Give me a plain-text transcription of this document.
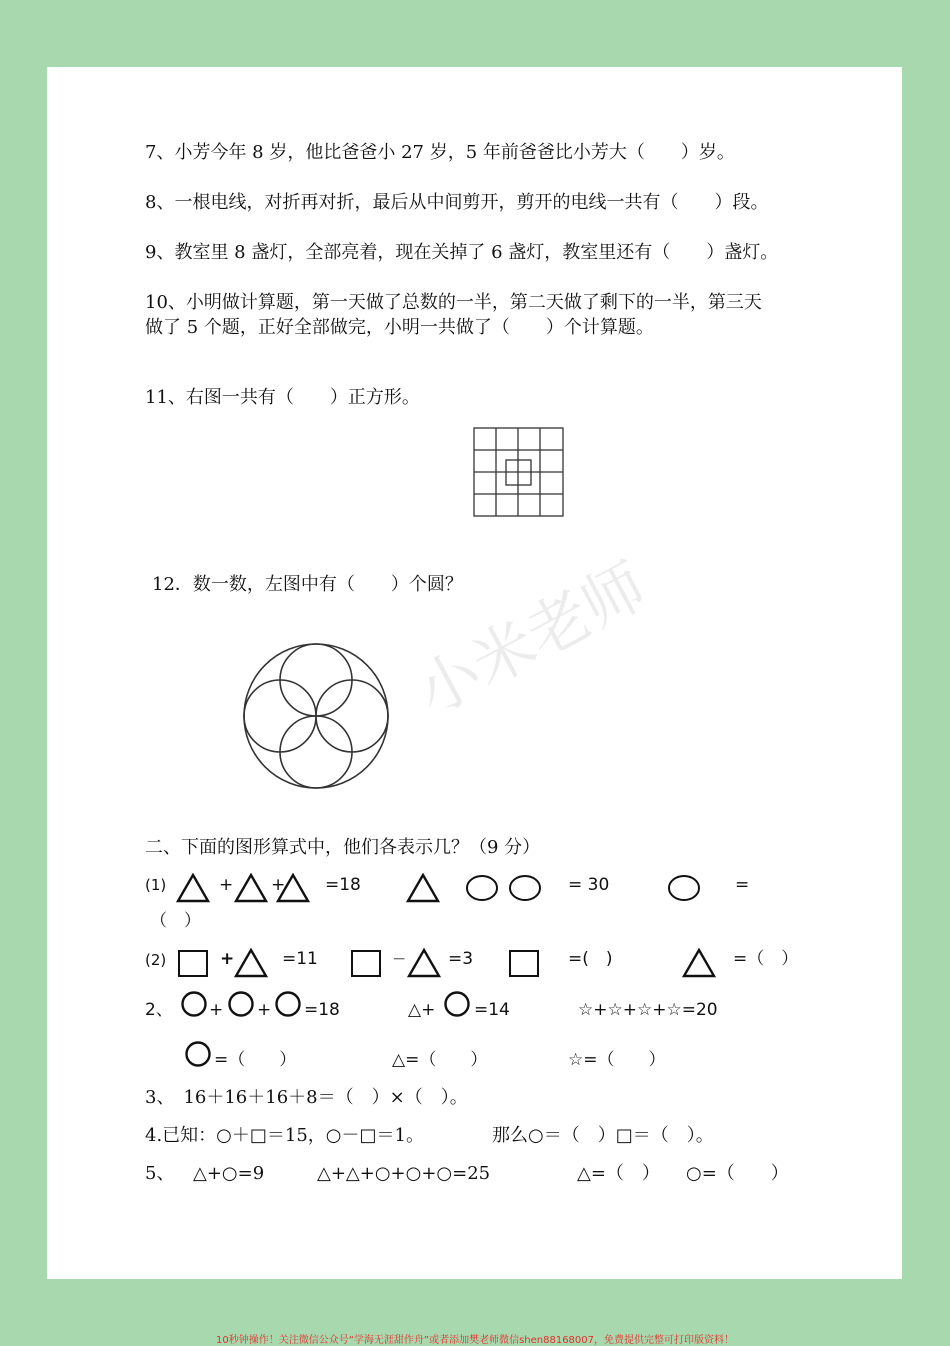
7、小芳今年 8 岁，他比爸爸小 27 岁，5 年前爸爸比小芳大（　　）岁。
8、一根电线，对折再对折，最后从中间剪开，剪开的电线一共有（　　）段。
9、教室里 8 盏灯，全部亮着，现在关掉了 6 盏灯，教室里还有（　　）盏灯。
10、小明做计算题，第一天做了总数的一半，第二天做了剩下的一半，第三天
做了 5 个题，正好全部做完，小明一共做了（　　）个计算题。
11、右图一共有（　　）正方形。
12．数一数，左图中有（　　）个圆？
小米老师
二、下面的图形算式中，他们各表示几？（9 分）
(1)	+ + =18	= 30	=
（　）
(2)	+	=11	− =3	=(　)	=（　）
2、 + + =18	△+ =14	☆+☆+☆+☆=20
=（　　）	△=（　　）	☆=（　　）
3、　16＋16＋16＋8＝（　）×（　）。
4.已知：○＋□＝15，○－□＝1。	那么○＝（　）□＝（　）。
5、 △+○=9	△+△+○+○+○=25	△=（　） ○=（　　）
10秒钟操作！关注微信公众号“学海无涯甜作舟”或者添加樊老师微信shen88168007，免费提供完整可打印版资料！
